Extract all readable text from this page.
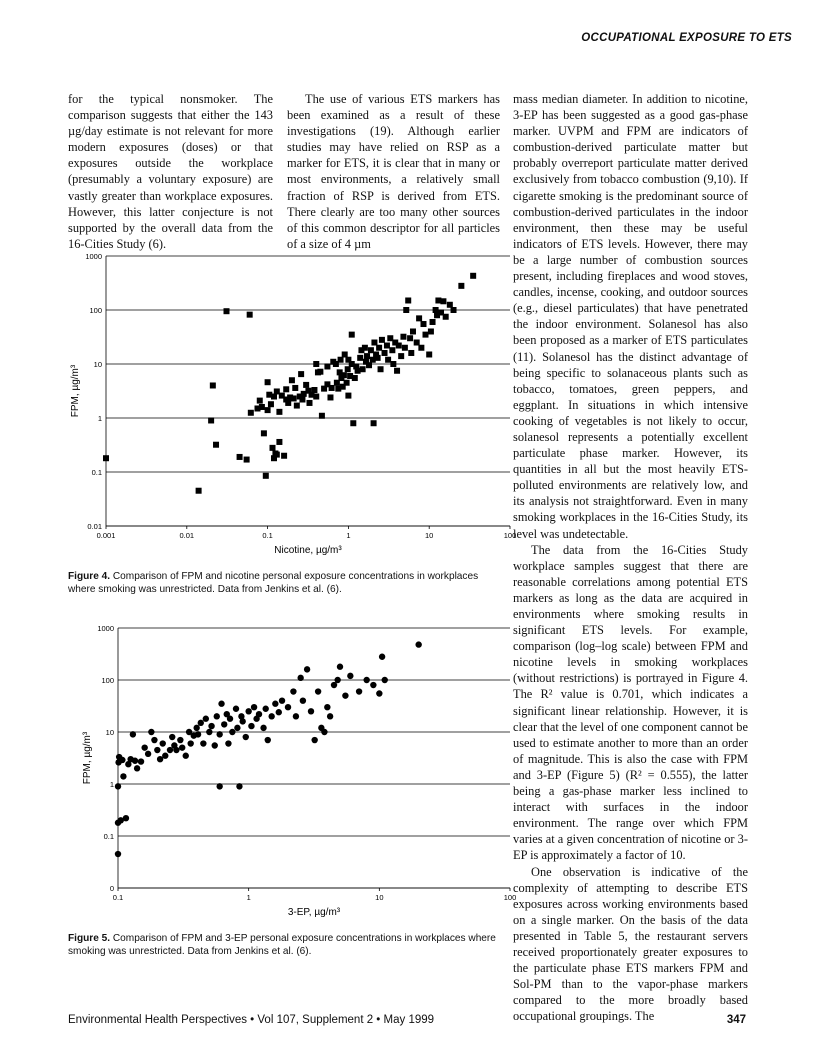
OCCUPATIONAL EXPOSURE TO ETS

for the typical nonsmoker. The comparison suggests that either the 143 µg/day estimate is not relevant for more modern exposures (doses) or that exposures outside the workplace (presumably a voluntary exposure) are vastly greater than workplace exposures. However, this latter conjecture is not supported by the overall data from the 16-Cities Study (6).

The use of various ETS markers has been examined as a result of these investigations (19). Although earlier studies may have relied on RSP as a marker for ETS, it is clear that in many or most environments, a relatively small fraction of RSP is derived from ETS. There clearly are too many other sources of this common descriptor for all particles of a size of 4 µm

mass median diameter. In addition to nicotine, 3-EP has been suggested as a good gas-phase marker. UVPM and FPM are indicators of combustion-derived particulate matter but probably overreport particulate matter derived exclusively from tobacco combustion (9,10). If cigarette smoking is the predominant source of combustion-derived particulates in the indoor environment, then these may be useful indicators of ETS levels. However, there may be a large number of combustion sources present, including fireplaces and wood stoves, candles, incense, cooking, and outdoor sources (e.g., diesel particulates) that have penetrated the indoor environment. Solanesol has also been proposed as a marker of ETS particulates (11). Solanesol has the distinct advantage of being specific to solanaceous plants such as tobacco, tomatoes, green peppers, and eggplant. In situations in which intensive cooking of vegetables is not likely to occur, solanesol represents a potentially excellent particulate phase marker. However, its quantities in all but the most heavily ETS-polluted environments are relatively low, and its analysis not straightforward. Even in many smoking workplaces in the 16-Cities Study, its level was undetectable.

The data from the 16-Cities Study workplace samples suggest that there are reasonable correlations among potential ETS markers as long as the data are acquired in environments where smoking results in significant ETS levels. For example, comparison (log–log scale) between FPM and nicotine levels in smoking workplaces (without restrictions) is portrayed in Figure 4. The R² value is 0.701, which indicates a significant linear relationship. However, it is clear that the level of one component cannot be used to estimate another to more than an order of magnitude. This is also the case with FPM and 3-EP (Figure 5) (R² = 0.555), the latter being a gas-phase marker less inclined to interact with surfaces in the indoor environment. The range over which FPM varies at a given concentration of nicotine or 3-EP is approximately a factor of 10.

One observation is indicative of the complexity of attempting to describe ETS exposures across working environments based on a single marker. On the basis of the data presented in Table 5, the restaurant servers received proportionately greater exposures to the particulate phase ETS markers FPM and Sol-PM than to the vapor-phase markers compared to the more broadly based occupational groupings. The

0.01
0.1
1
10
100
1000
0.001	0.01	0.1	1	10	100
Nicotine, µg/m³
FPM, µg/m³
0
0.1
1
10
100
1000
0.1	1	10	100
3-EP, µg/m³
FPM, µg/m³
Figure 4. Comparison of FPM and nicotine personal exposure concentrations in workplaces where smoking was unrestricted. Data from Jenkins et al. (6).
Figure 5. Comparison of FPM and 3-EP personal exposure concentrations in workplaces where smoking was unrestricted. Data from Jenkins et al. (6).
Environmental Health Perspectives • Vol 107, Supplement 2 • May 1999	347
